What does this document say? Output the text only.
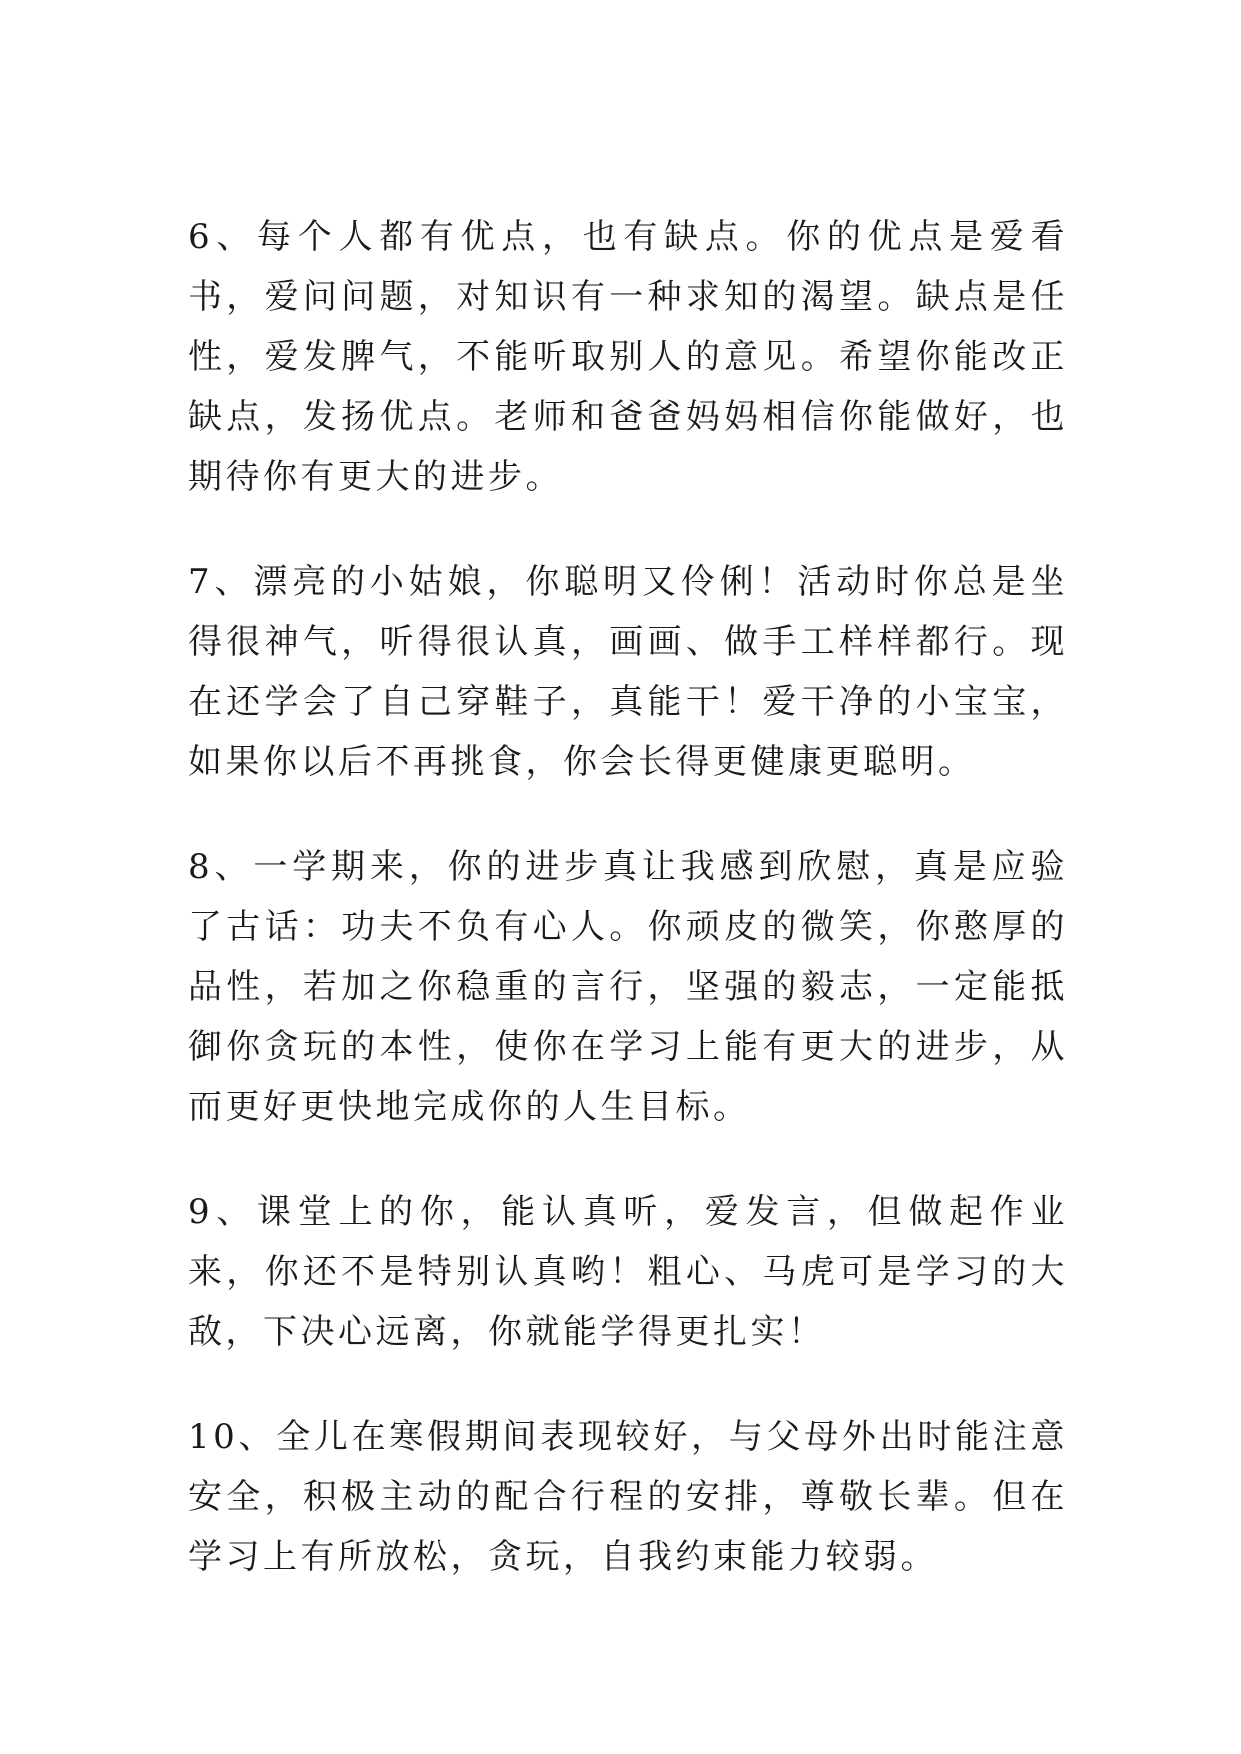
6、每个人都有优点，也有缺点。你的优点是爱看书，爱问问题，对知识有一种求知的渴望。缺点是任性，爱发脾气，不能听取别人的意见。希望你能改正缺点，发扬优点。老师和爸爸妈妈相信你能做好，也期待你有更大的进步。

7、漂亮的小姑娘，你聪明又伶俐！活动时你总是坐得很神气，听得很认真，画画、做手工样样都行。现在还学会了自己穿鞋子，真能干！爱干净的小宝宝，如果你以后不再挑食，你会长得更健康更聪明。

8、一学期来，你的进步真让我感到欣慰，真是应验了古话：功夫不负有心人。你顽皮的微笑，你憨厚的品性，若加之你稳重的言行，坚强的毅志，一定能抵御你贪玩的本性，使你在学习上能有更大的进步，从而更好更快地完成你的人生目标。

9、课堂上的你，能认真听，爱发言，但做起作业来，你还不是特别认真哟！粗心、马虎可是学习的大敌，下决心远离，你就能学得更扎实！

10、全儿在寒假期间表现较好，与父母外出时能注意安全，积极主动的配合行程的安排，尊敬长辈。但在学习上有所放松，贪玩，自我约束能力较弱。
